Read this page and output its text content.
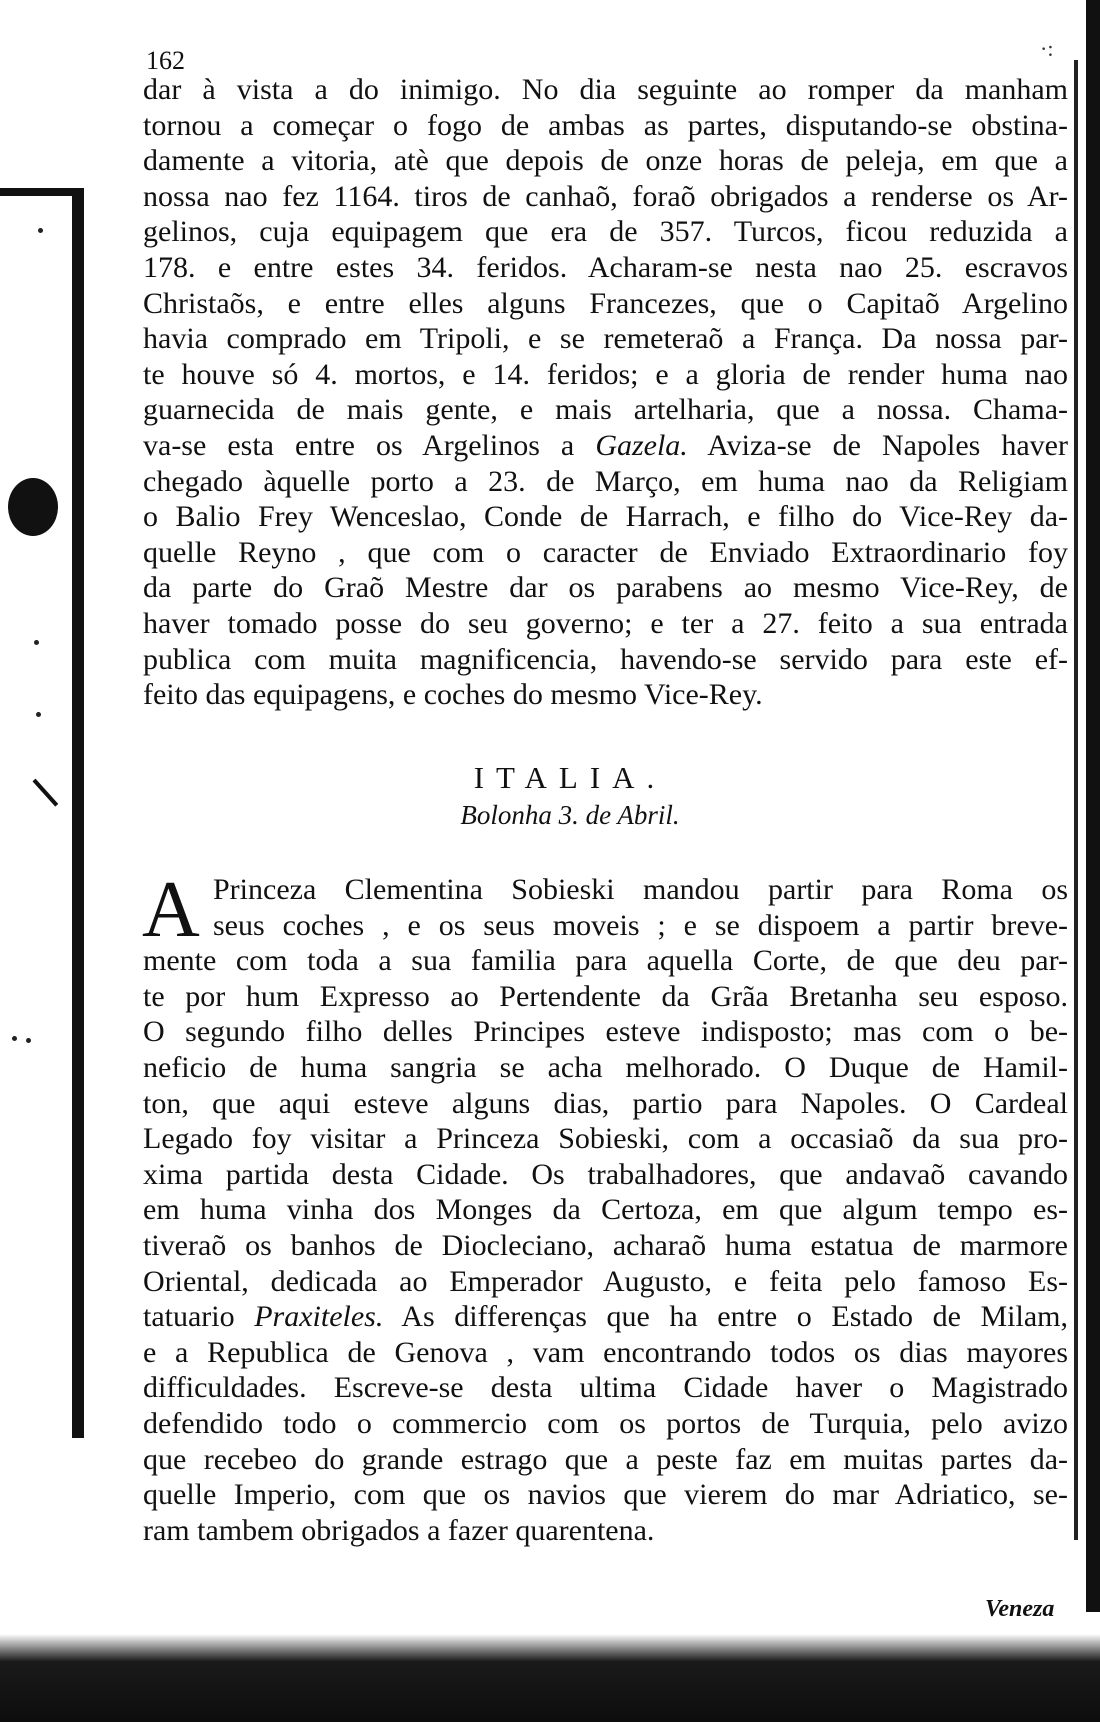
·:
162
dar à vista a do inimigo. No dia seguinte ao romper da manham
tornou a começar o fogo de ambas as partes, disputando-se obstina-
damente a vitoria, atè que depois de onze horas de peleja, em que a
nossa nao fez 1164. tiros de canhaõ, foraõ obrigados a renderse os Ar-
gelinos, cuja equipagem que era de 357. Turcos, ficou reduzida a
178. e entre estes 34. feridos. Acharam-se nesta nao 25. escravos
Christaõs, e entre elles alguns Francezes, que o Capitaõ Argelino
havia comprado em Tripoli, e se remeteraõ a França. Da nossa par-
te houve só 4. mortos, e 14. feridos; e a gloria de render huma nao
guarnecida de mais gente, e mais artelharia, que a nossa. Chama-
va-se esta entre os Argelinos a Gazela. Aviza-se de Napoles haver
chegado àquelle porto a 23. de Março, em huma nao da Religiam
o Balio Frey Wenceslao, Conde de Harrach, e filho do Vice-Rey da-
quelle Reyno , que com o caracter de Enviado Extraordinario foy
da parte do Graõ Mestre dar os parabens ao mesmo Vice-Rey, de
haver tomado posse do seu governo; e ter a 27. feito a sua entrada
publica com muita magnificencia, havendo-se servido para este ef-
feito das equipagens, e coches do mesmo Vice-Rey.
ITALIA.
Bolonha 3. de Abril.
A Princeza Clementina Sobieski mandou partir para Roma os
seus coches , e os seus moveis ; e se dispoem a partir breve-
mente com toda a sua familia para aquella Corte, de que deu par-
te por hum Expresso ao Pertendente da Grãa Bretanha seu esposo.
O segundo filho delles Principes esteve indisposto; mas com o be-
neficio de huma sangria se acha melhorado. O Duque de Hamil-
ton, que aqui esteve alguns dias, partio para Napoles. O Cardeal
Legado foy visitar a Princeza Sobieski, com a occasiaõ da sua pro-
xima partida desta Cidade. Os trabalhadores, que andavaõ cavando
em huma vinha dos Monges da Certoza, em que algum tempo es-
tiveraõ os banhos de Diocleciano, acharaõ huma estatua de marmore
Oriental, dedicada ao Emperador Augusto, e feita pelo famoso Es-
tatuario Praxiteles. As differenças que ha entre o Estado de Milam,
e a Republica de Genova , vam encontrando todos os dias mayores
difficuldades. Escreve-se desta ultima Cidade haver o Magistrado
defendido todo o commercio com os portos de Turquia, pelo avizo
que recebeo do grande estrago que a peste faz em muitas partes da-
quelle Imperio, com que os navios que vierem do mar Adriatico, se-
ram tambem obrigados a fazer quarentena.
Veneza
